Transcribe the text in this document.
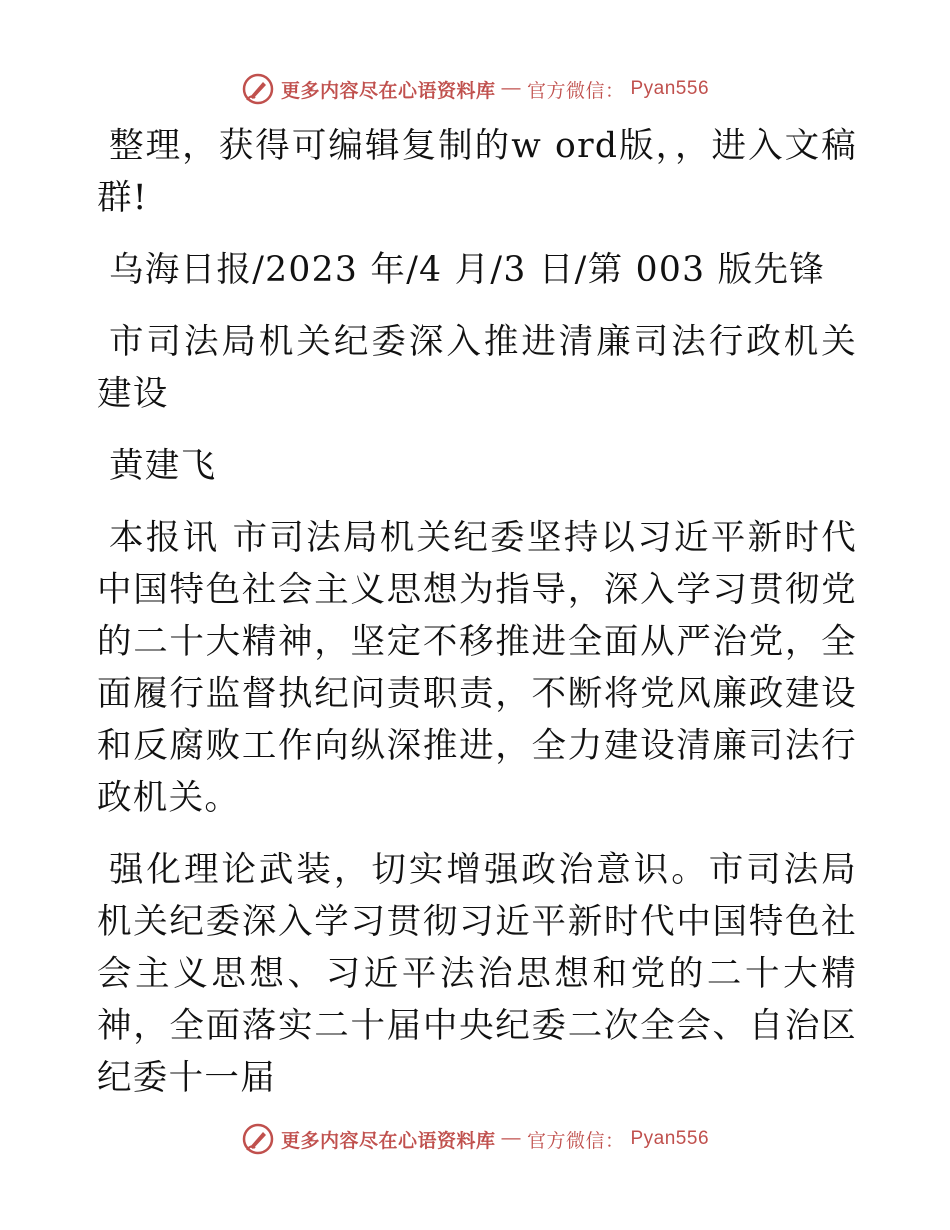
更多内容尽在心语资料库 — 官方微信： Pyan556

整理，获得可编辑复制的w ord版，，进入文稿群!

乌海日报/2023 年/4 月/3 日/第 003 版先锋

市司法局机关纪委深入推进清廉司法行政机关建设

黄建飞

本报讯 市司法局机关纪委坚持以习近平新时代中国特色社会主义思想为指导，深入学习贯彻党的二十大精神，坚定不移推进全面从严治党，全面履行监督执纪问责职责，不断将党风廉政建设和反腐败工作向纵深推进，全力建设清廉司法行政机关。

强化理论武装，切实增强政治意识。市司法局机关纪委深入学习贯彻习近平新时代中国特色社会主义思想、习近平法治思想和党的二十大精神，全面落实二十届中央纪委二次全会、自治区纪委十一届

更多内容尽在心语资料库 — 官方微信： Pyan556
